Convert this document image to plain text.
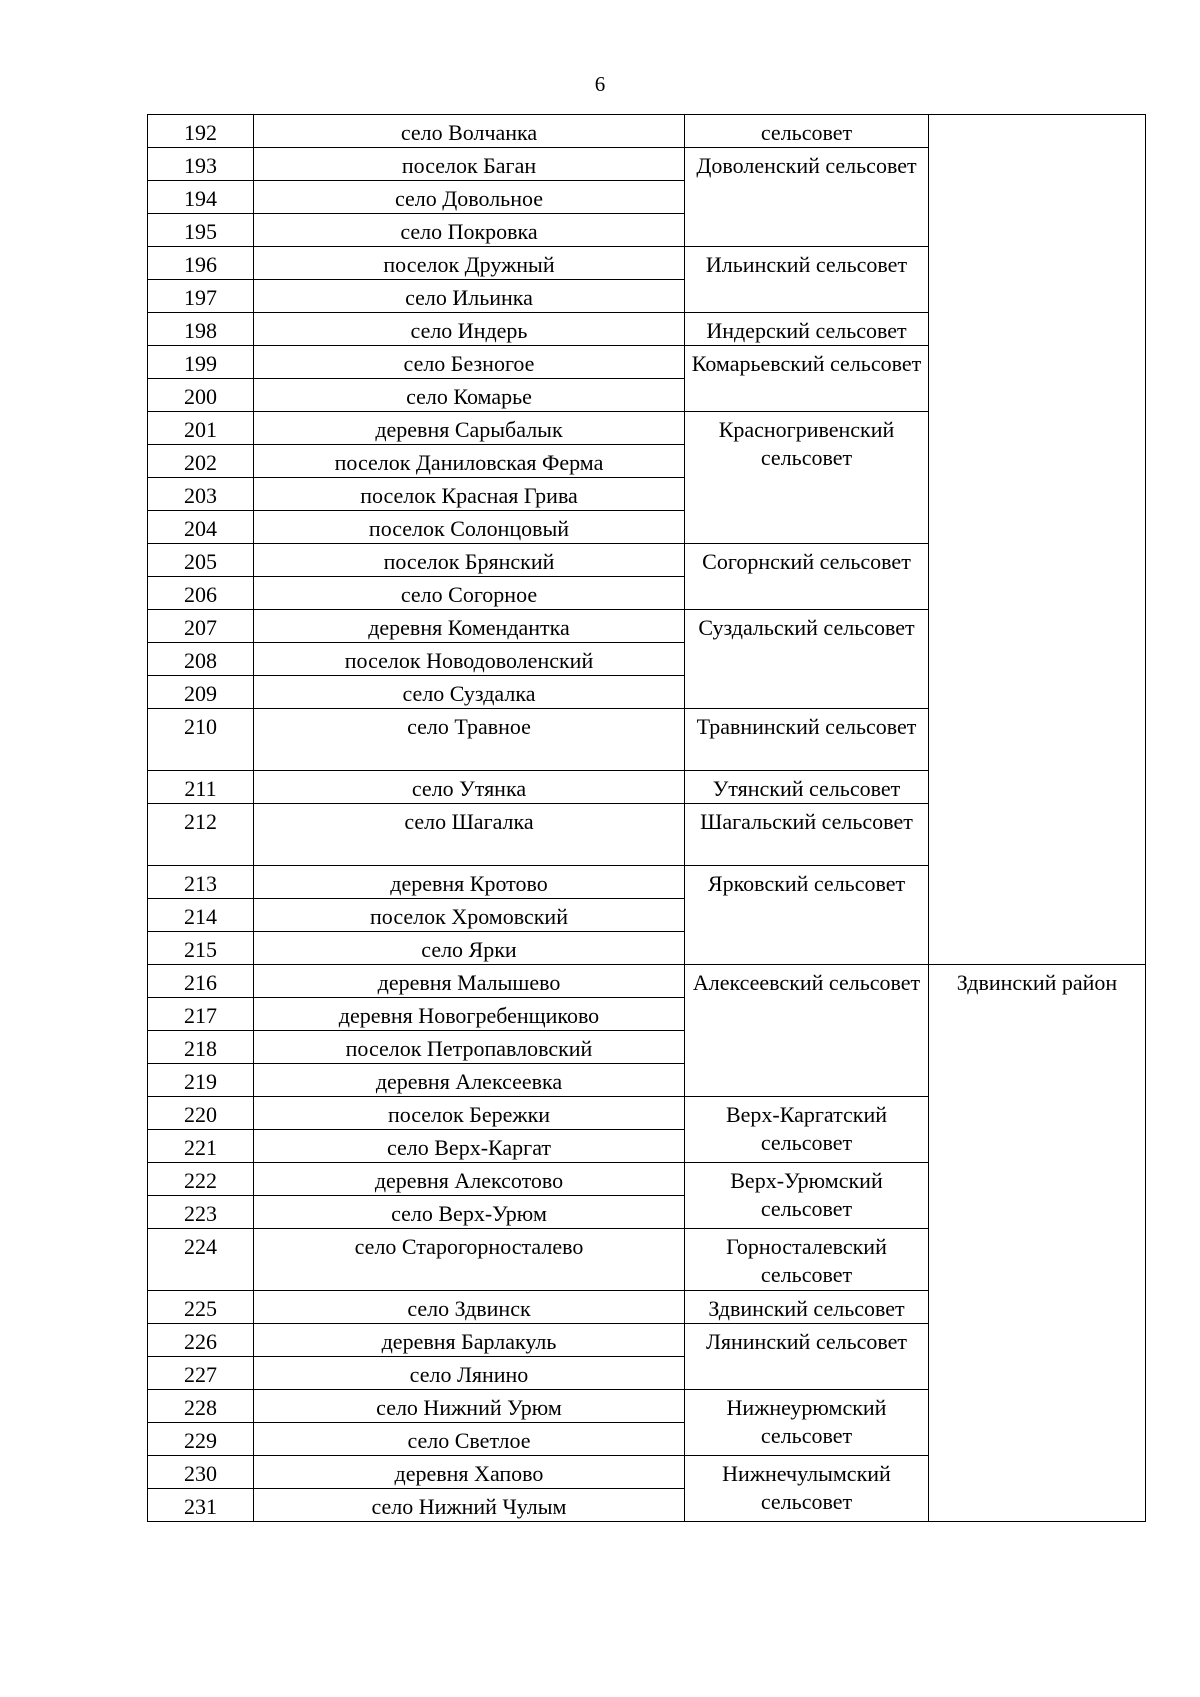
6
192	село Волчанка	сельсовет	
193	поселок Баган	Доволенский сельсовет	
194	село Довольное		
195	село Покровка		
196	поселок Дружный	Ильинский сельсовет	
197	село Ильинка		
198	село Индерь	Индерский сельсовет	
199	село Безногое	Комарьевский сельсовет	
200	село Комарье		
201	деревня Сарыбалык	Красногривенский сельсовет	
202	поселок Даниловская Ферма		
203	поселок Красная Грива		
204	поселок Солонцовый		
205	поселок Брянский	Согорнский сельсовет	
206	село Согорное		
207	деревня Комендантка	Суздальский сельсовет	
208	поселок Новодоволенский		
209	село Суздалка		
210	село Травное	Травнинский сельсовет	
211	село Утянка	Утянский сельсовет	
212	село Шагалка	Шагальский сельсовет	
213	деревня Кротово	Ярковский сельсовет	
214	поселок Хромовский		
215	село Ярки		
216	деревня Малышево	Алексеевский сельсовет	Здвинский район
217	деревня Новогребенщиково		
218	поселок Петропавловский		
219	деревня Алексеевка		
220	поселок Бережки	Верх-Каргатский сельсовет	
221	село Верх-Каргат		
222	деревня Алексотово	Верх-Урюмский сельсовет	
223	село Верх-Урюм		
224	село Старогорносталево	Горносталевский сельсовет	
225	село Здвинск	Здвинский сельсовет	
226	деревня Барлакуль	Лянинский сельсовет	
227	село Лянино		
228	село Нижний Урюм	Нижнеурюмский сельсовет	
229	село Светлое		
230	деревня Хапово	Нижнечулымский сельсовет	
231	село Нижний Чулым		
